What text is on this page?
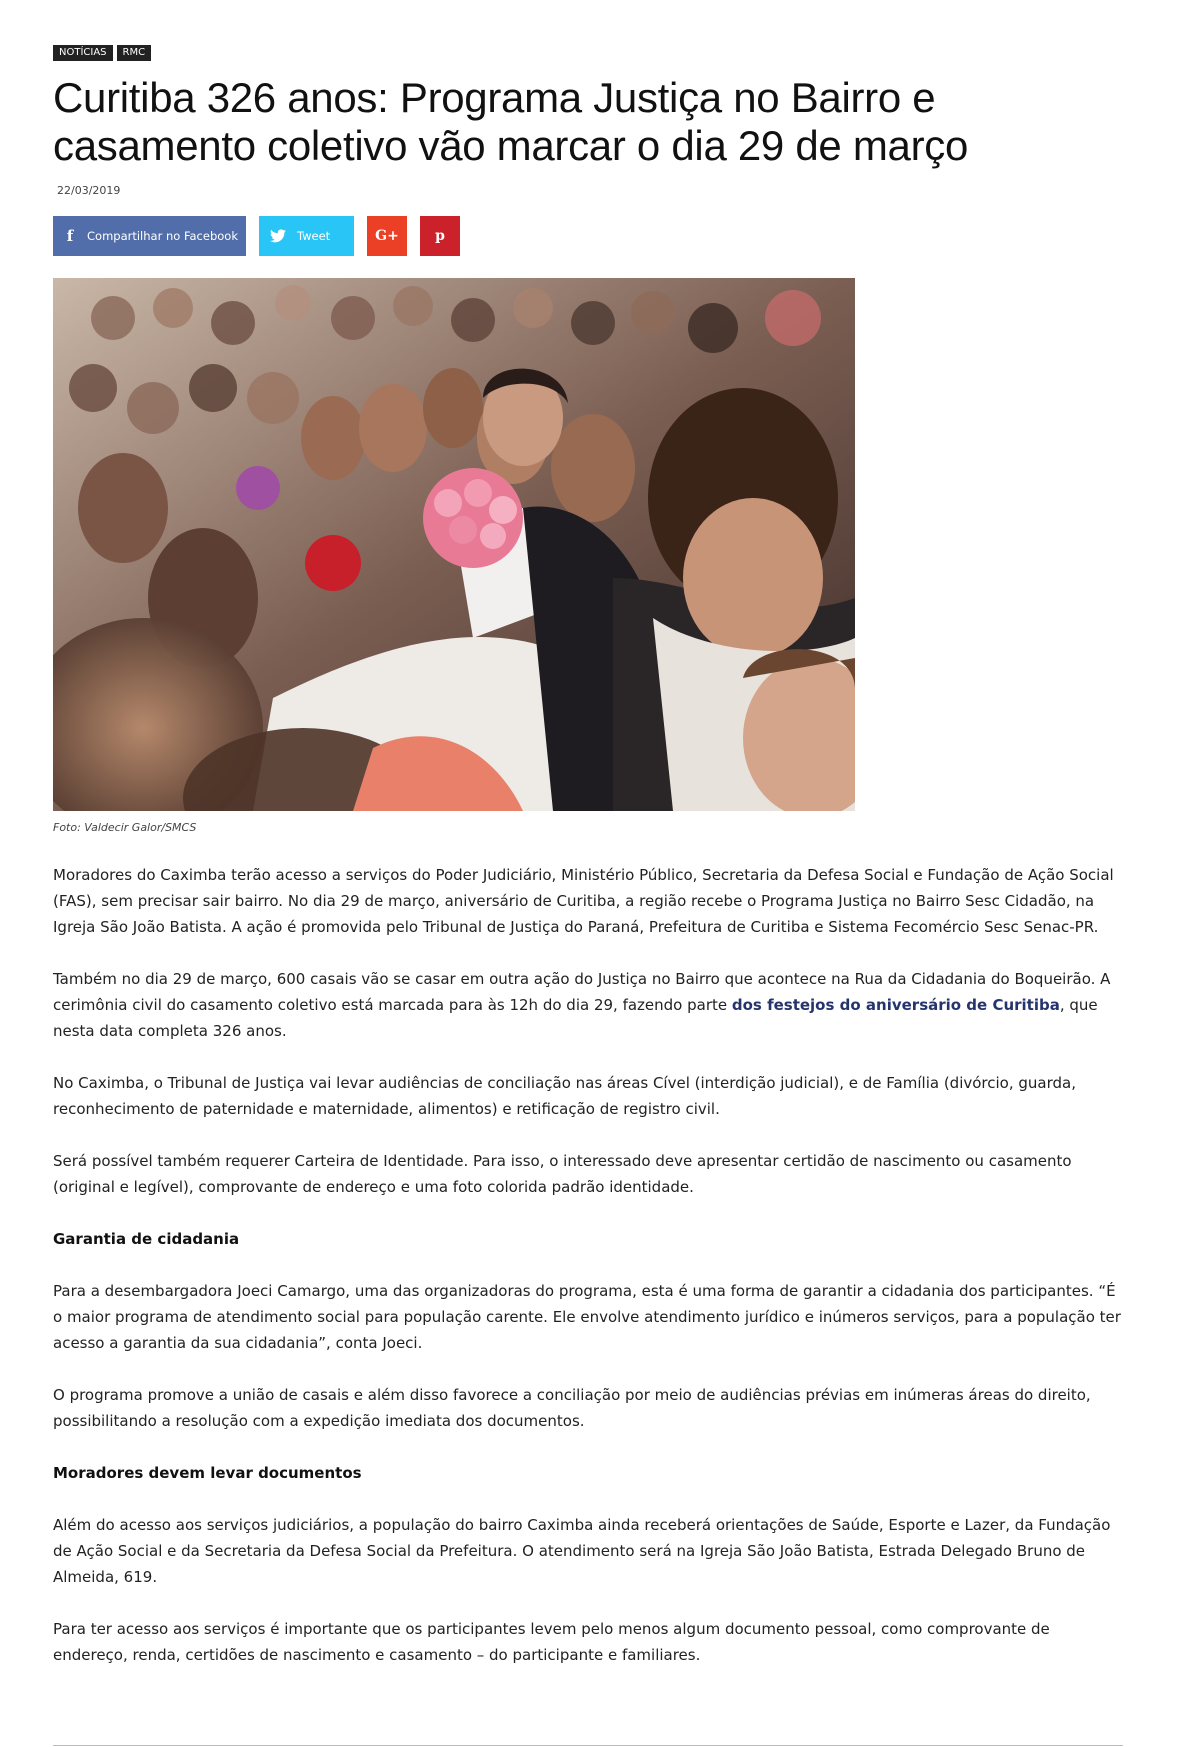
NOTÍCIAS	RMC
Curitiba 326 anos: Programa Justiça no Bairro e casamento coletivo vão marcar o dia 29 de março
22/03/2019
f	Compartilhar no Facebook	Tweet	G+	p
Foto: Valdecir Galor/SMCS

Moradores do Caximba terão acesso a serviços do Poder Judiciário, Ministério Público, Secretaria da Defesa Social e Fundação de Ação Social (FAS), sem precisar sair bairro. No dia 29 de março, aniversário de Curitiba, a região recebe o Programa Justiça no Bairro Sesc Cidadão, na Igreja São João Batista. A ação é promovida pelo Tribunal de Justiça do Paraná, Prefeitura de Curitiba e Sistema Fecomércio Sesc Senac-PR.

Também no dia 29 de março, 600 casais vão se casar em outra ação do Justiça no Bairro que acontece na Rua da Cidadania do Boqueirão. A cerimônia civil do casamento coletivo está marcada para às 12h do dia 29, fazendo parte dos festejos do aniversário de Curitiba, que nesta data completa 326 anos.

No Caximba, o Tribunal de Justiça vai levar audiências de conciliação nas áreas Cível (interdição judicial), e de Família (divórcio, guarda, reconhecimento de paternidade e maternidade, alimentos) e retificação de registro civil.

Será possível também requerer Carteira de Identidade. Para isso, o interessado deve apresentar certidão de nascimento ou casamento (original e legível), comprovante de endereço e uma foto colorida padrão identidade.

Garantia de cidadania

Para a desembargadora Joeci Camargo, uma das organizadoras do programa, esta é uma forma de garantir a cidadania dos participantes. “É o maior programa de atendimento social para população carente. Ele envolve atendimento jurídico e inúmeros serviços, para a população ter acesso a garantia da sua cidadania”, conta Joeci.

O programa promove a união de casais e além disso favorece a conciliação por meio de audiências prévias em inúmeras áreas do direito, possibilitando a resolução com a expedição imediata dos documentos.

Moradores devem levar documentos

Além do acesso aos serviços judiciários, a população do bairro Caximba ainda receberá orientações de Saúde, Esporte e Lazer, da Fundação de Ação Social e da Secretaria da Defesa Social da Prefeitura. O atendimento será na Igreja São João Batista, Estrada Delegado Bruno de Almeida, 619.

Para ter acesso aos serviços é importante que os participantes levem pelo menos algum documento pessoal, como comprovante de endereço, renda, certidões de nascimento e casamento – do participante e familiares.
